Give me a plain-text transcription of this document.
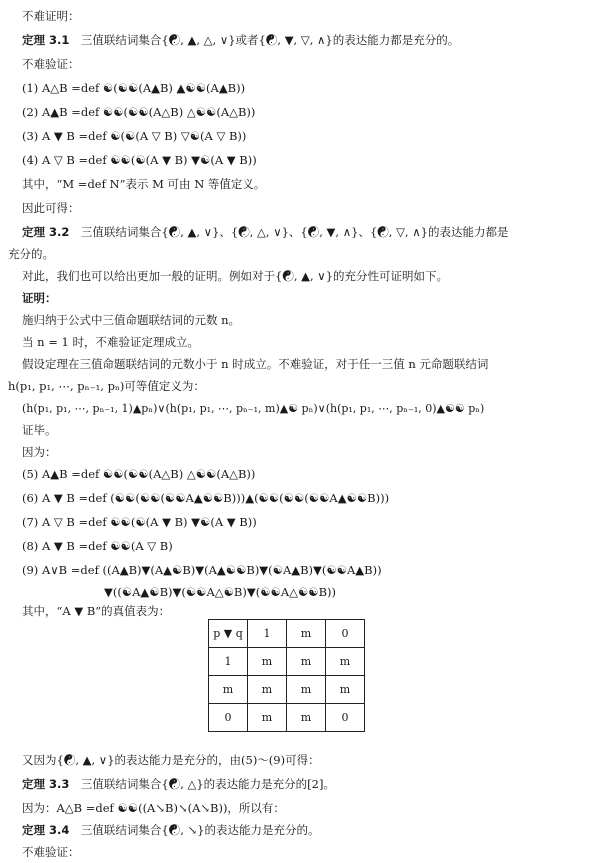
不难证明：
定理 3.1　三值联结词集合{☯, ▲, △, ∨}或者{☯, ▼, ▽, ∧}的表达能力都是充分的。
不难验证：
(1) A△B =def ☯(☯☯(A▲B) ▲☯☯(A▲B))
(2) A▲B =def ☯☯(☯☯(A△B) △☯☯(A△B))
(3) A ▼ B =def ☯(☯(A ▽ B) ▽☯(A ▽ B))
(4) A ▽ B =def ☯☯(☯(A ▼ B) ▼☯(A ▼ B))
其中，“M =def N”表示 M 可由 N 等值定义。
因此可得：
定理 3.2　三值联结词集合{☯, ▲, ∨}、{☯, △, ∨}、{☯, ▼, ∧}、{☯, ▽, ∧}的表达能力都是
充分的。
对此，我们也可以给出更加一般的证明。例如对于{☯, ▲, ∨}的充分性可证明如下。
证明：
施归纳于公式中三值命题联结词的元数 n。
当 n = 1 时，不难验证定理成立。
假设定理在三值命题联结词的元数小于 n 时成立。不难验证，对于任一三值 n 元命题联结词
h(p₁, p₁, ⋯, pₙ₋₁, pₙ)可等值定义为：
(h(p₁, p₁, ⋯, pₙ₋₁, 1)▲pₙ)∨(h(p₁, p₁, ⋯, pₙ₋₁, m)▲☯ pₙ)∨(h(p₁, p₁, ⋯, pₙ₋₁, 0)▲☯☯ pₙ)
证毕。
因为：
(5) A▲B =def ☯☯(☯☯(A△B) △☯☯(A△B))
(6) A ▼ B =def (☯☯(☯☯(☯☯A▲☯☯B)))▲(☯☯(☯☯(☯☯A▲☯☯B)))
(7) A ▽ B =def ☯☯(☯(A ▼ B) ▼☯(A ▼ B))
(8) A ▼ B =def ☯☯(A ▽ B)
(9) A∨B =def ((A▲B)▼(A▲☯B)▼(A▲☯☯B)▼(☯A▲B)▼(☯☯A▲B))
▼((☯A▲☯B)▼(☯☯A△☯B)▼(☯☯A△☯☯B))
其中，“A ▼ B”的真值表为：
p ▼ q	1	m	0
1	m	m	m
m	m	m	m
0	m	m	0
又因为{☯, ▲, ∨}的表达能力是充分的，由(5)～(9)可得：
定理 3.3　三值联结词集合{☯, △}的表达能力是充分的[2]。
因为：A△B =def ☯☯((A↘B)↘(A↘B))，所以有：
定理 3.4　三值联结词集合{☯, ↘}的表达能力是充分的。
不难验证：
